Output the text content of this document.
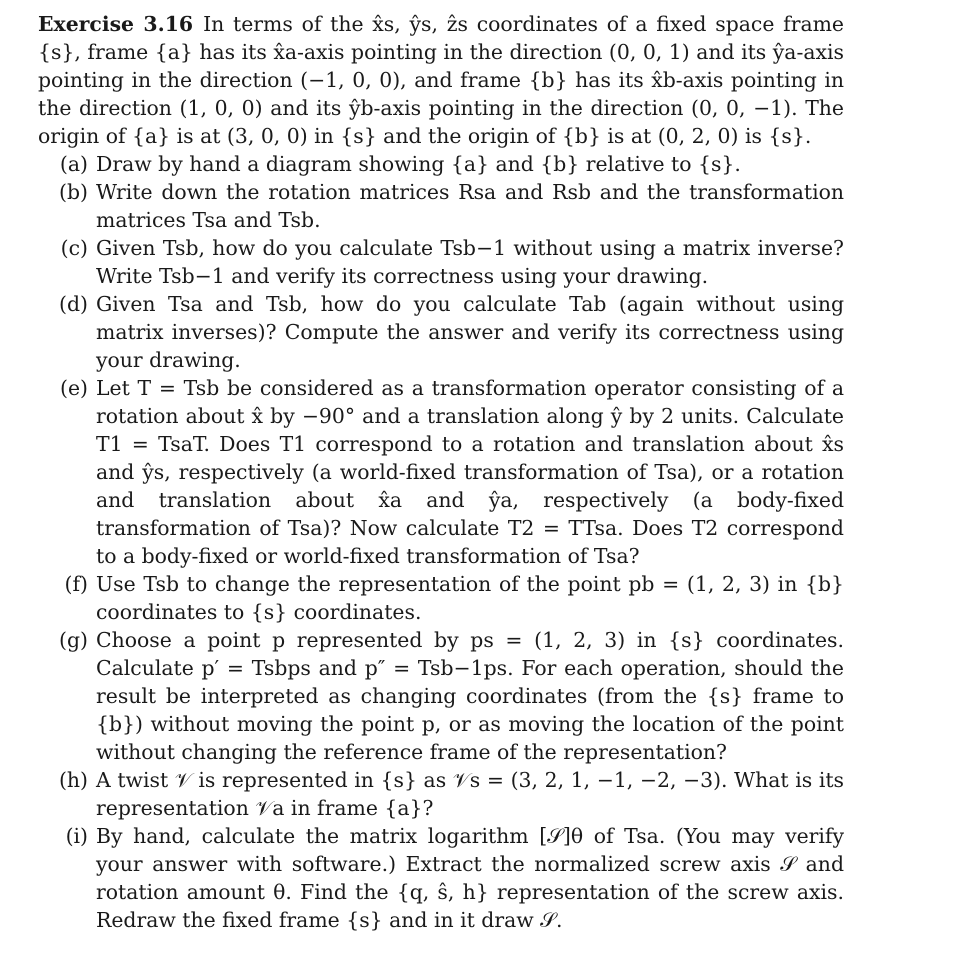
Exercise 3.16 In terms of the x̂s, ŷs, ẑs coordinates of a fixed space frame {s}, frame {a} has its x̂a-axis pointing in the direction (0, 0, 1) and its ŷa-axis pointing in the direction (−1, 0, 0), and frame {b} has its x̂b-axis pointing in the direction (1, 0, 0) and its ŷb-axis pointing in the direction (0, 0, −1). The origin of {a} is at (3, 0, 0) in {s} and the origin of {b} is at (0, 2, 0) is {s}.

(a) Draw by hand a diagram showing {a} and {b} relative to {s}.
(b) Write down the rotation matrices Rsa and Rsb and the transformation matrices Tsa and Tsb.
(c) Given Tsb, how do you calculate Tsb−1 without using a matrix inverse? Write Tsb−1 and verify its correctness using your drawing.
(d) Given Tsa and Tsb, how do you calculate Tab (again without using matrix inverses)? Compute the answer and verify its correctness using your drawing.
(e) Let T = Tsb be considered as a transformation operator consisting of a rotation about x̂ by −90° and a translation along ŷ by 2 units. Calculate T1 = TsaT. Does T1 correspond to a rotation and translation about x̂s and ŷs, respectively (a world-fixed transformation of Tsa), or a rotation and translation about x̂a and ŷa, respectively (a body-fixed transformation of Tsa)? Now calculate T2 = TTsa. Does T2 correspond to a body-fixed or world-fixed transformation of Tsa?
(f) Use Tsb to change the representation of the point pb = (1, 2, 3) in {b} coordinates to {s} coordinates.
(g) Choose a point p represented by ps = (1, 2, 3) in {s} coordinates. Calculate p′ = Tsbps and p″ = Tsb−1ps. For each operation, should the result be interpreted as changing coordinates (from the {s} frame to {b}) without moving the point p, or as moving the location of the point without changing the reference frame of the representation?
(h) A twist 𝒱 is represented in {s} as 𝒱s = (3, 2, 1, −1, −2, −3). What is its representation 𝒱a in frame {a}?
(i) By hand, calculate the matrix logarithm [𝒮]θ of Tsa. (You may verify your answer with software.) Extract the normalized screw axis 𝒮 and rotation amount θ. Find the {q, ŝ, h} representation of the screw axis. Redraw the fixed frame {s} and in it draw 𝒮.
